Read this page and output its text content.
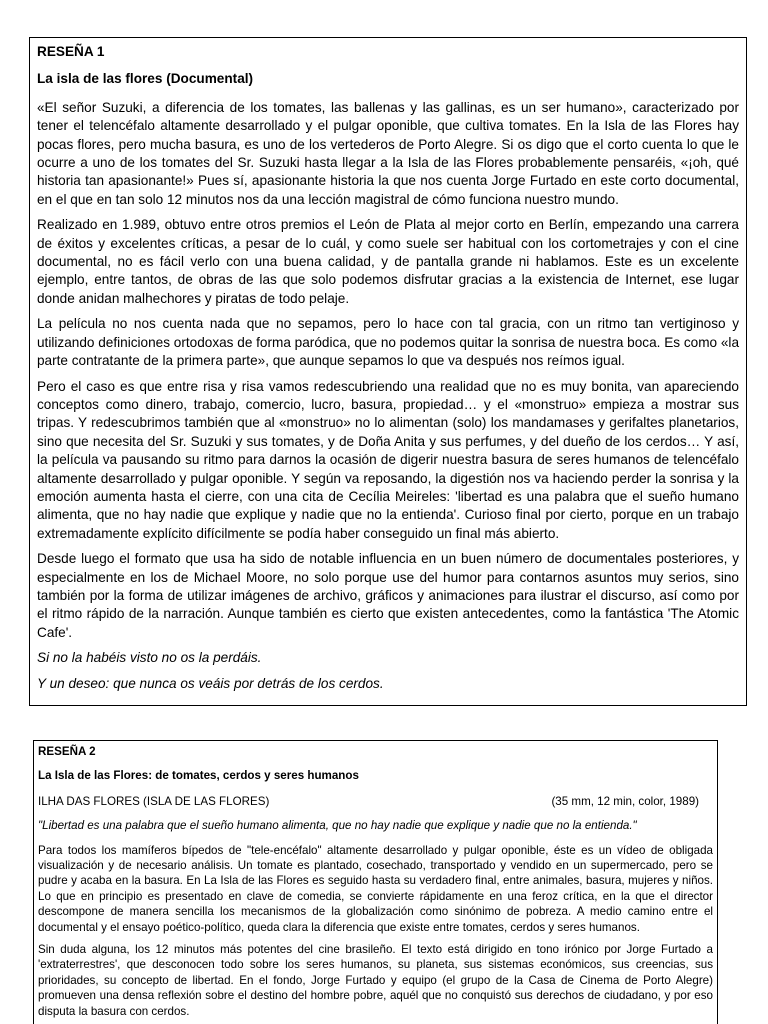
RESEÑA 1

La isla de las flores (Documental)

«El señor Suzuki, a diferencia de los tomates, las ballenas y las gallinas, es un ser humano», caracterizado por tener el telencéfalo altamente desarrollado y el pulgar oponible, que cultiva tomates. En la Isla de las Flores hay pocas flores, pero mucha basura, es uno de los vertederos de Porto Alegre. Si os digo que el corto cuenta lo que le ocurre a uno de los tomates del Sr. Suzuki hasta llegar a la Isla de las Flores probablemente pensaréis, «¡oh, qué historia tan apasionante!» Pues sí, apasionante historia la que nos cuenta Jorge Furtado en este corto documental, en el que en tan solo 12 minutos nos da una lección magistral de cómo funciona nuestro mundo.

Realizado en 1.989, obtuvo entre otros premios el León de Plata al mejor corto en Berlín, empezando una carrera de éxitos y excelentes críticas, a pesar de lo cuál, y como suele ser habitual con los cortometrajes y con el cine documental, no es fácil verlo con una buena calidad, y de pantalla grande ni hablamos. Este es un excelente ejemplo, entre tantos, de obras de las que solo podemos disfrutar gracias a la existencia de Internet, ese lugar donde anidan malhechores y piratas de todo pelaje.

La película no nos cuenta nada que no sepamos, pero lo hace con tal gracia, con un ritmo tan vertiginoso y utilizando definiciones ortodoxas de forma paródica, que no podemos quitar la sonrisa de nuestra boca. Es como «la parte contratante de la primera parte», que aunque sepamos lo que va después nos reímos igual.

Pero el caso es que entre risa y risa vamos redescubriendo una realidad que no es muy bonita, van apareciendo conceptos como dinero, trabajo, comercio, lucro, basura, propiedad… y el «monstruo» empieza a mostrar sus tripas. Y redescubrimos también que al «monstruo» no lo alimentan (solo) los mandamases y gerifaltes planetarios, sino que necesita del Sr. Suzuki y sus tomates, y de Doña Anita y sus perfumes, y del dueño de los cerdos… Y así, la película va pausando su ritmo para darnos la ocasión de digerir nuestra basura de seres humanos de telencéfalo altamente desarrollado y pulgar oponible. Y según va reposando, la digestión nos va haciendo perder la sonrisa y la emoción aumenta hasta el cierre, con una cita de Cecília Meireles: 'libertad es una palabra que el sueño humano alimenta, que no hay nadie que explique y nadie que no la entienda'. Curioso final por cierto, porque en un trabajo extremadamente explícito difícilmente se podía haber conseguido un final más abierto.

Desde luego el formato que usa ha sido de notable influencia en un buen número de documentales posteriores, y especialmente en los de Michael Moore, no solo porque use del humor para contarnos asuntos muy serios, sino también por la forma de utilizar imágenes de archivo, gráficos y animaciones para ilustrar el discurso, así como por el ritmo rápido de la narración. Aunque también es cierto que existen antecedentes, como la fantástica 'The Atomic Cafe'.

Si no la habéis visto no os la perdáis.

Y un deseo: que nunca os veáis por detrás de los cerdos.

RESEÑA 2

La Isla de las Flores: de tomates, cerdos y seres humanos

ILHA DAS FLORES (ISLA DE LAS FLORES)	(35 mm, 12 min, color, 1989)

"Libertad es una palabra que el sueño humano alimenta, que no hay nadie que explique y nadie que no la entienda."

Para todos los mamíferos bípedos de "tele-encéfalo" altamente desarrollado y pulgar oponible, éste es un vídeo de obligada visualización y de necesario análisis. Un tomate es plantado, cosechado, transportado y vendido en un supermercado, pero se pudre y acaba en la basura. En La Isla de las Flores es seguido hasta su verdadero final, entre animales, basura, mujeres y niños. Lo que en principio es presentado en clave de comedia, se convierte rápidamente en una feroz crítica, en la que el director descompone de manera sencilla los mecanismos de la globalización como sinónimo de pobreza. A medio camino entre el documental y el ensayo poético-político, queda clara la diferencia que existe entre tomates, cerdos y seres humanos.

Sin duda alguna, los 12 minutos más potentes del cine brasileño. El texto está dirigido en tono irónico por Jorge Furtado a 'extraterrestres', que desconocen todo sobre los seres humanos, su planeta, sus sistemas económicos, sus creencias, sus prioridades, su concepto de libertad. En el fondo, Jorge Furtado y equipo (el grupo de la Casa de Cinema de Porto Alegre) promueven una densa reflexión sobre el destino del hombre pobre, aquél que no conquistó sus derechos de ciudadano, y por eso disputa la basura con cerdos.
